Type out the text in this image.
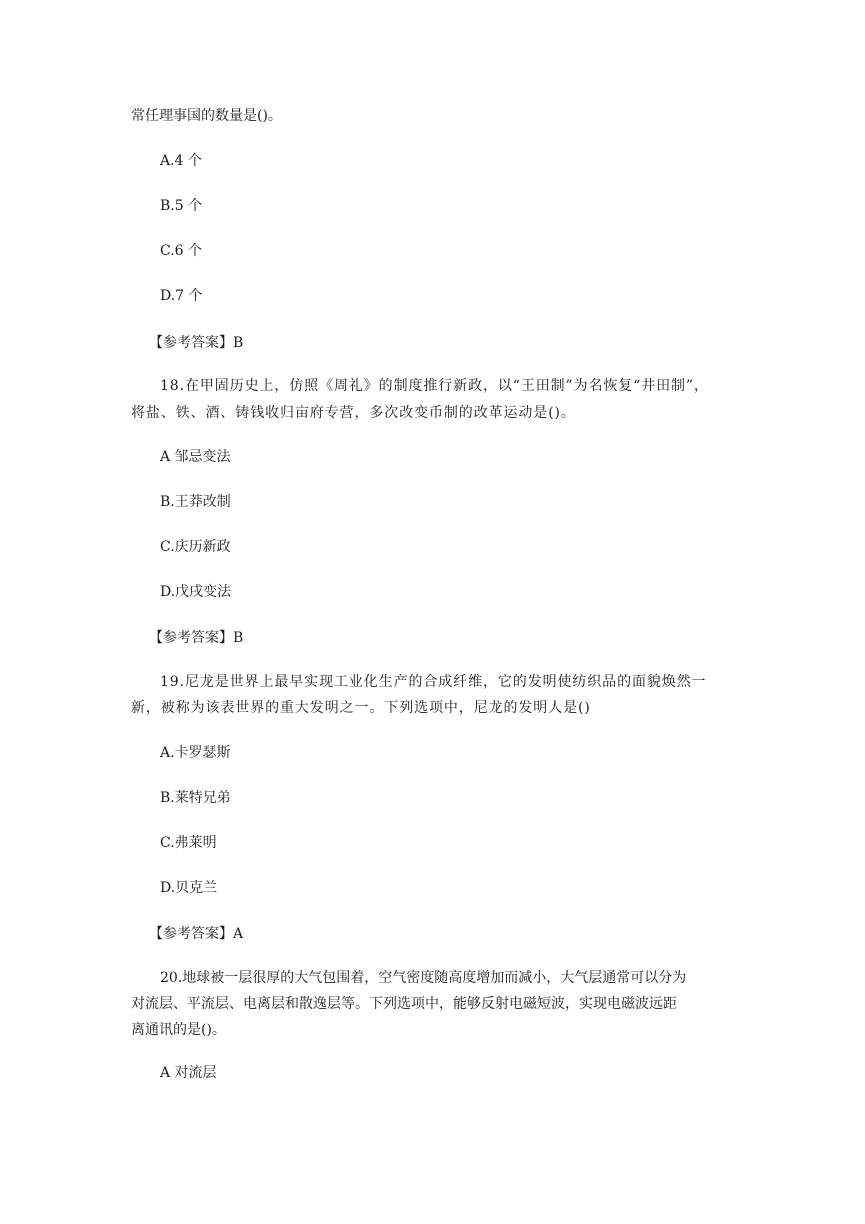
常任理事国的数量是()。
A.4 个
B.5 个
C.6 个
D.7 个
【参考答案】B
18.在甲固历史上，仿照《周礼》的制度推行新政，以“王田制”为名恢复“井田制”，
将盐、铁、酒、铸钱收归亩府专营，多次改变币制的改革运动是()。
A 邹忌变法
B.王莽改制
C.庆历新政
D.戊戌变法
【参考答案】B
19.尼龙是世界上最早实现工业化生产的合成纤维，它的发明使纺织品的面貌焕然一
新，被称为该表世界的重大发明之一。下列选项中，尼龙的发明人是()
A.卡罗瑟斯
B.莱特兄弟
C.弗莱明
D.贝克兰
【参考答案】A
20.地球被一层很厚的大气包围着，空气密度随高度增加而减小，大气层通常可以分为
对流层、平流层、电离层和散逸层等。下列选项中，能够反射电磁短波，实现电磁波远距
离通讯的是()。
A 对流层
